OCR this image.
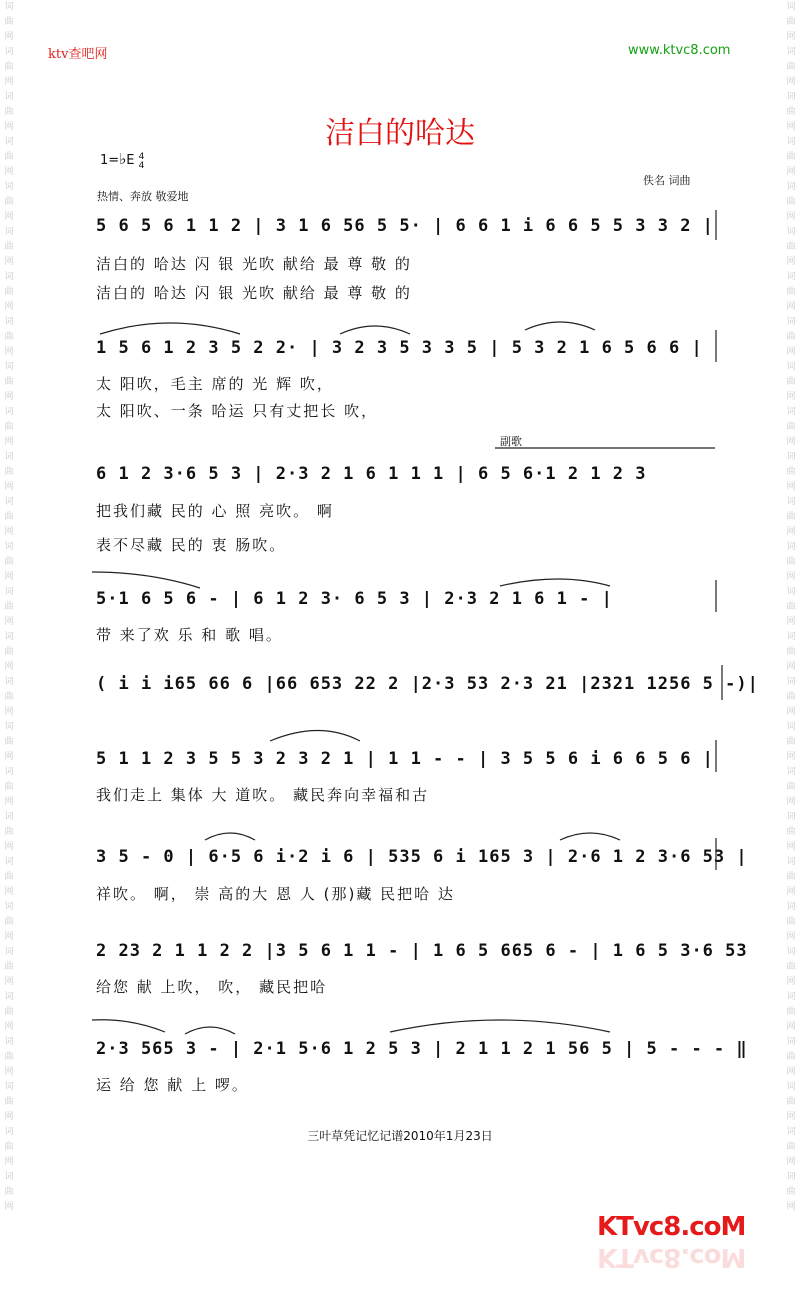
词曲网词曲网词曲网词曲网词曲网词曲网词曲网词曲网词曲网词曲网词曲网词曲网词曲网词曲网词曲网词曲网词曲网词曲网词曲网词曲网词曲网词曲网词曲网词曲网词曲网词曲网词曲网
词曲网词曲网词曲网词曲网词曲网词曲网词曲网词曲网词曲网词曲网词曲网词曲网词曲网词曲网词曲网词曲网词曲网词曲网词曲网词曲网词曲网词曲网词曲网词曲网词曲网词曲网词曲网
ktv查吧网	www.ktvc8.com
洁白的哈达
1=♭E 4
4
热情、奔放 敬爱地
佚名 词曲
副歌
5 6 5 6 1 1 2 | 3 1 6 56 5 5· | 6 6 1 i 6 6 5 5 3 3 2 |
洁白的 哈达 闪 银 光吹 献给 最 尊 敬 的
洁白的 哈达 闪 银 光吹 献给 最 尊 敬 的
1 5 6 1 2 3 5 2 2· | 3 2 3 5 3 3 5 | 5 3 2 1 6 5 6 6 |
太 阳吹，毛主 席的 光 辉 吹，
太 阳吹、一条 哈运 只有丈把长 吹，
6 1 2 3·6 5 3 | 2·3 2 1 6 1 1 1 | 6 5 6·1 2 1 2 3
把我们藏 民的 心 照 亮吹。 啊
表不尽藏 民的 衷 肠吹。
5·1 6 5 6 - | 6 1 2 3· 6 5 3 | 2·3 2 1 6 1 - |
带 来了欢 乐 和 歌 唱。
( i i i65 66 6 |66 653 22 2 |2·3 53 2·3 21 |2321 1256 5 -)|
5 1 1 2 3 5 5 3 2 3 2 1 | 1 1 - - | 3 5 5 6 i 6 6 5 6 |
我们走上 集体 大 道吹。 藏民奔向幸福和古
3 5 - 0 | 6·5 6 i·2 i 6 | 535 6 i 165 3 | 2·6 1 2 3·6 53 |
祥吹。 啊， 崇 高的大 恩 人 (那)藏 民把哈 达
2 23 2 1 1 2 2 |3 5 6 1 1 - | 1 6 5 665 6 - | 1 6 5 3·6 53
给您 献 上吹， 吹， 藏民把哈
2·3 565 3 - | 2·1 5·6 1 2 5 3 | 2 1 1 2 1 56 5 | 5 - - - ‖
运 给 您 献 上 啰。
三叶草凭记忆记谱2010年1月23日
KTvc8.coM
KTvc8.coM
